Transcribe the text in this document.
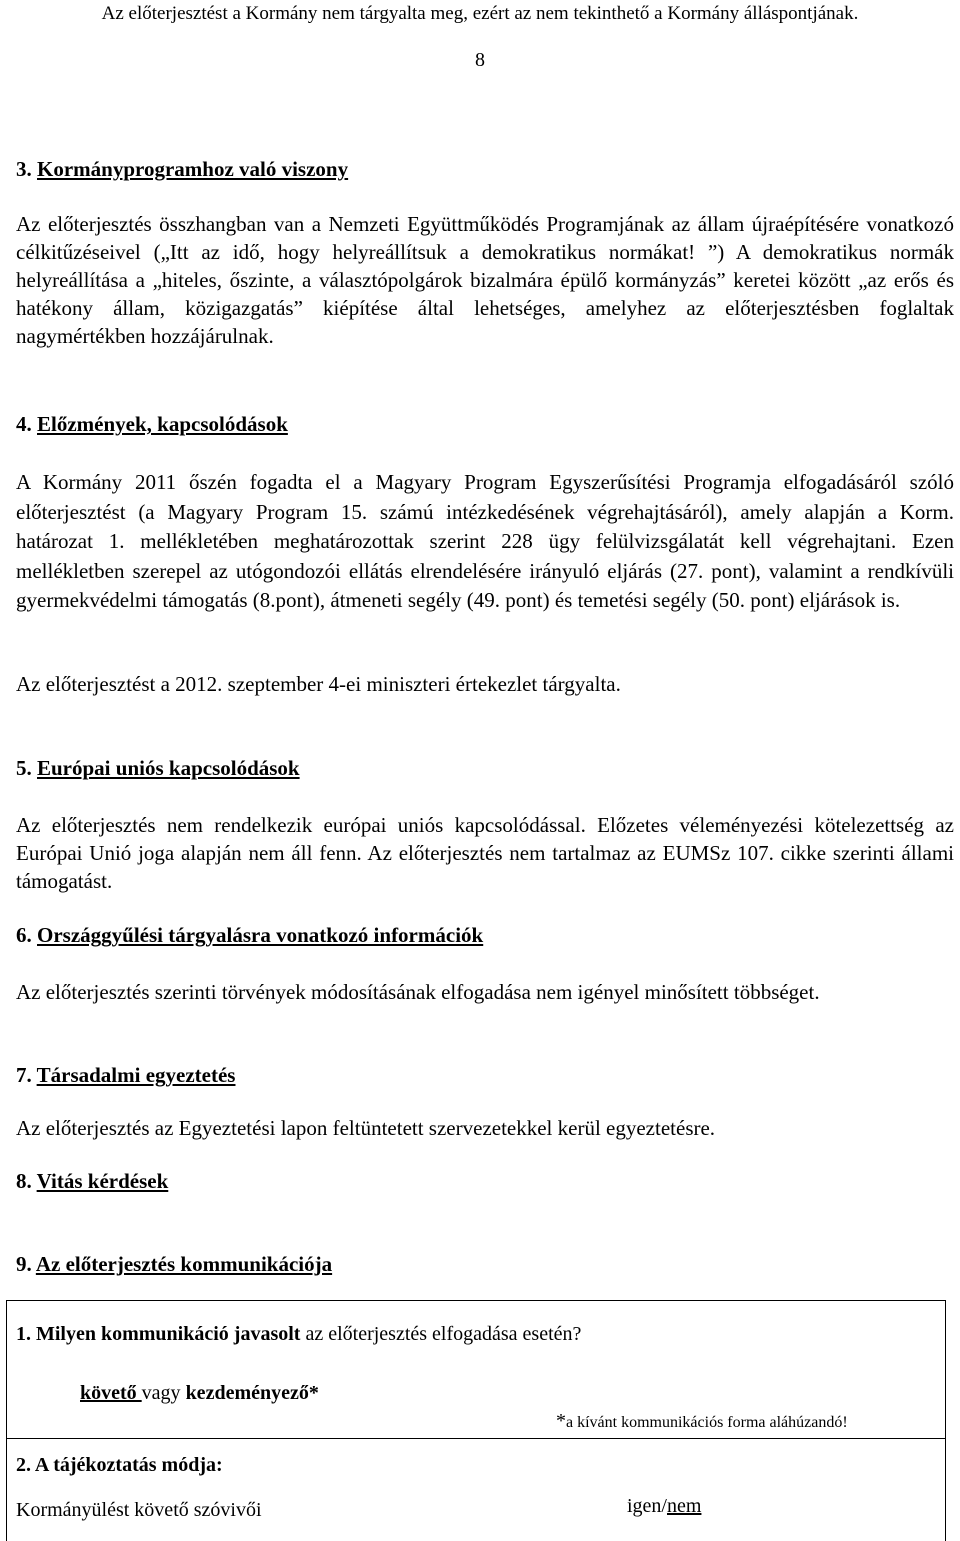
Az előterjesztést a Kormány nem tárgyalta meg, ezért az nem tekinthető a Kormány álláspontjának.
8
3. Kormányprogramhoz való viszony

Az előterjesztés összhangban van a Nemzeti Együttműködés Programjának az állam újraépítésére vonatkozó célkitűzéseivel („Itt az idő, hogy helyreállítsuk a demokratikus normákat! ”) A demokratikus normák helyreállítása a „hiteles, őszinte, a választópolgárok bizalmára épülő kormányzás” keretei között „az erős és hatékony állam, közigazgatás” kiépítése által lehetséges, amelyhez az előterjesztésben foglaltak nagymértékben hozzájárulnak.

4. Előzmények, kapcsolódások

A Kormány 2011 őszén fogadta el a Magyary Program Egyszerűsítési Programja elfogadásáról szóló előterjesztést (a Magyary Program 15. számú intézkedésének végrehajtásáról), amely alapján a Korm. határozat 1. mellékletében meghatározottak szerint 228 ügy felülvizsgálatát kell végrehajtani. Ezen mellékletben szerepel az utógondozói ellátás elrendelésére irányuló eljárás (27. pont), valamint a rendkívüli gyermekvédelmi támogatás (8.pont), átmeneti segély (49. pont) és temetési segély (50. pont) eljárások is.

Az előterjesztést a 2012. szeptember 4-ei miniszteri értekezlet tárgyalta.

5. Európai uniós kapcsolódások

Az előterjesztés nem rendelkezik európai uniós kapcsolódással. Előzetes véleményezési kötelezettség az Európai Unió joga alapján nem áll fenn. Az előterjesztés nem tartalmaz az EUMSz 107. cikke szerinti állami támogatást.

6. Országgyűlési tárgyalásra vonatkozó információk

Az előterjesztés szerinti törvények módosításának elfogadása nem igényel minősített többséget.

7. Társadalmi egyeztetés

Az előterjesztés az Egyeztetési lapon feltüntetett szervezetekkel kerül egyeztetésre.

8. Vitás kérdések
9. Az előterjesztés kommunikációja
1. Milyen kommunikáció javasolt az előterjesztés elfogadása esetén?
követő vagy kezdeményező*
*a kívánt kommunikációs forma aláhúzandó!
2. A tájékoztatás módja:
Kormányülést követő szóvivői	igen/nem
